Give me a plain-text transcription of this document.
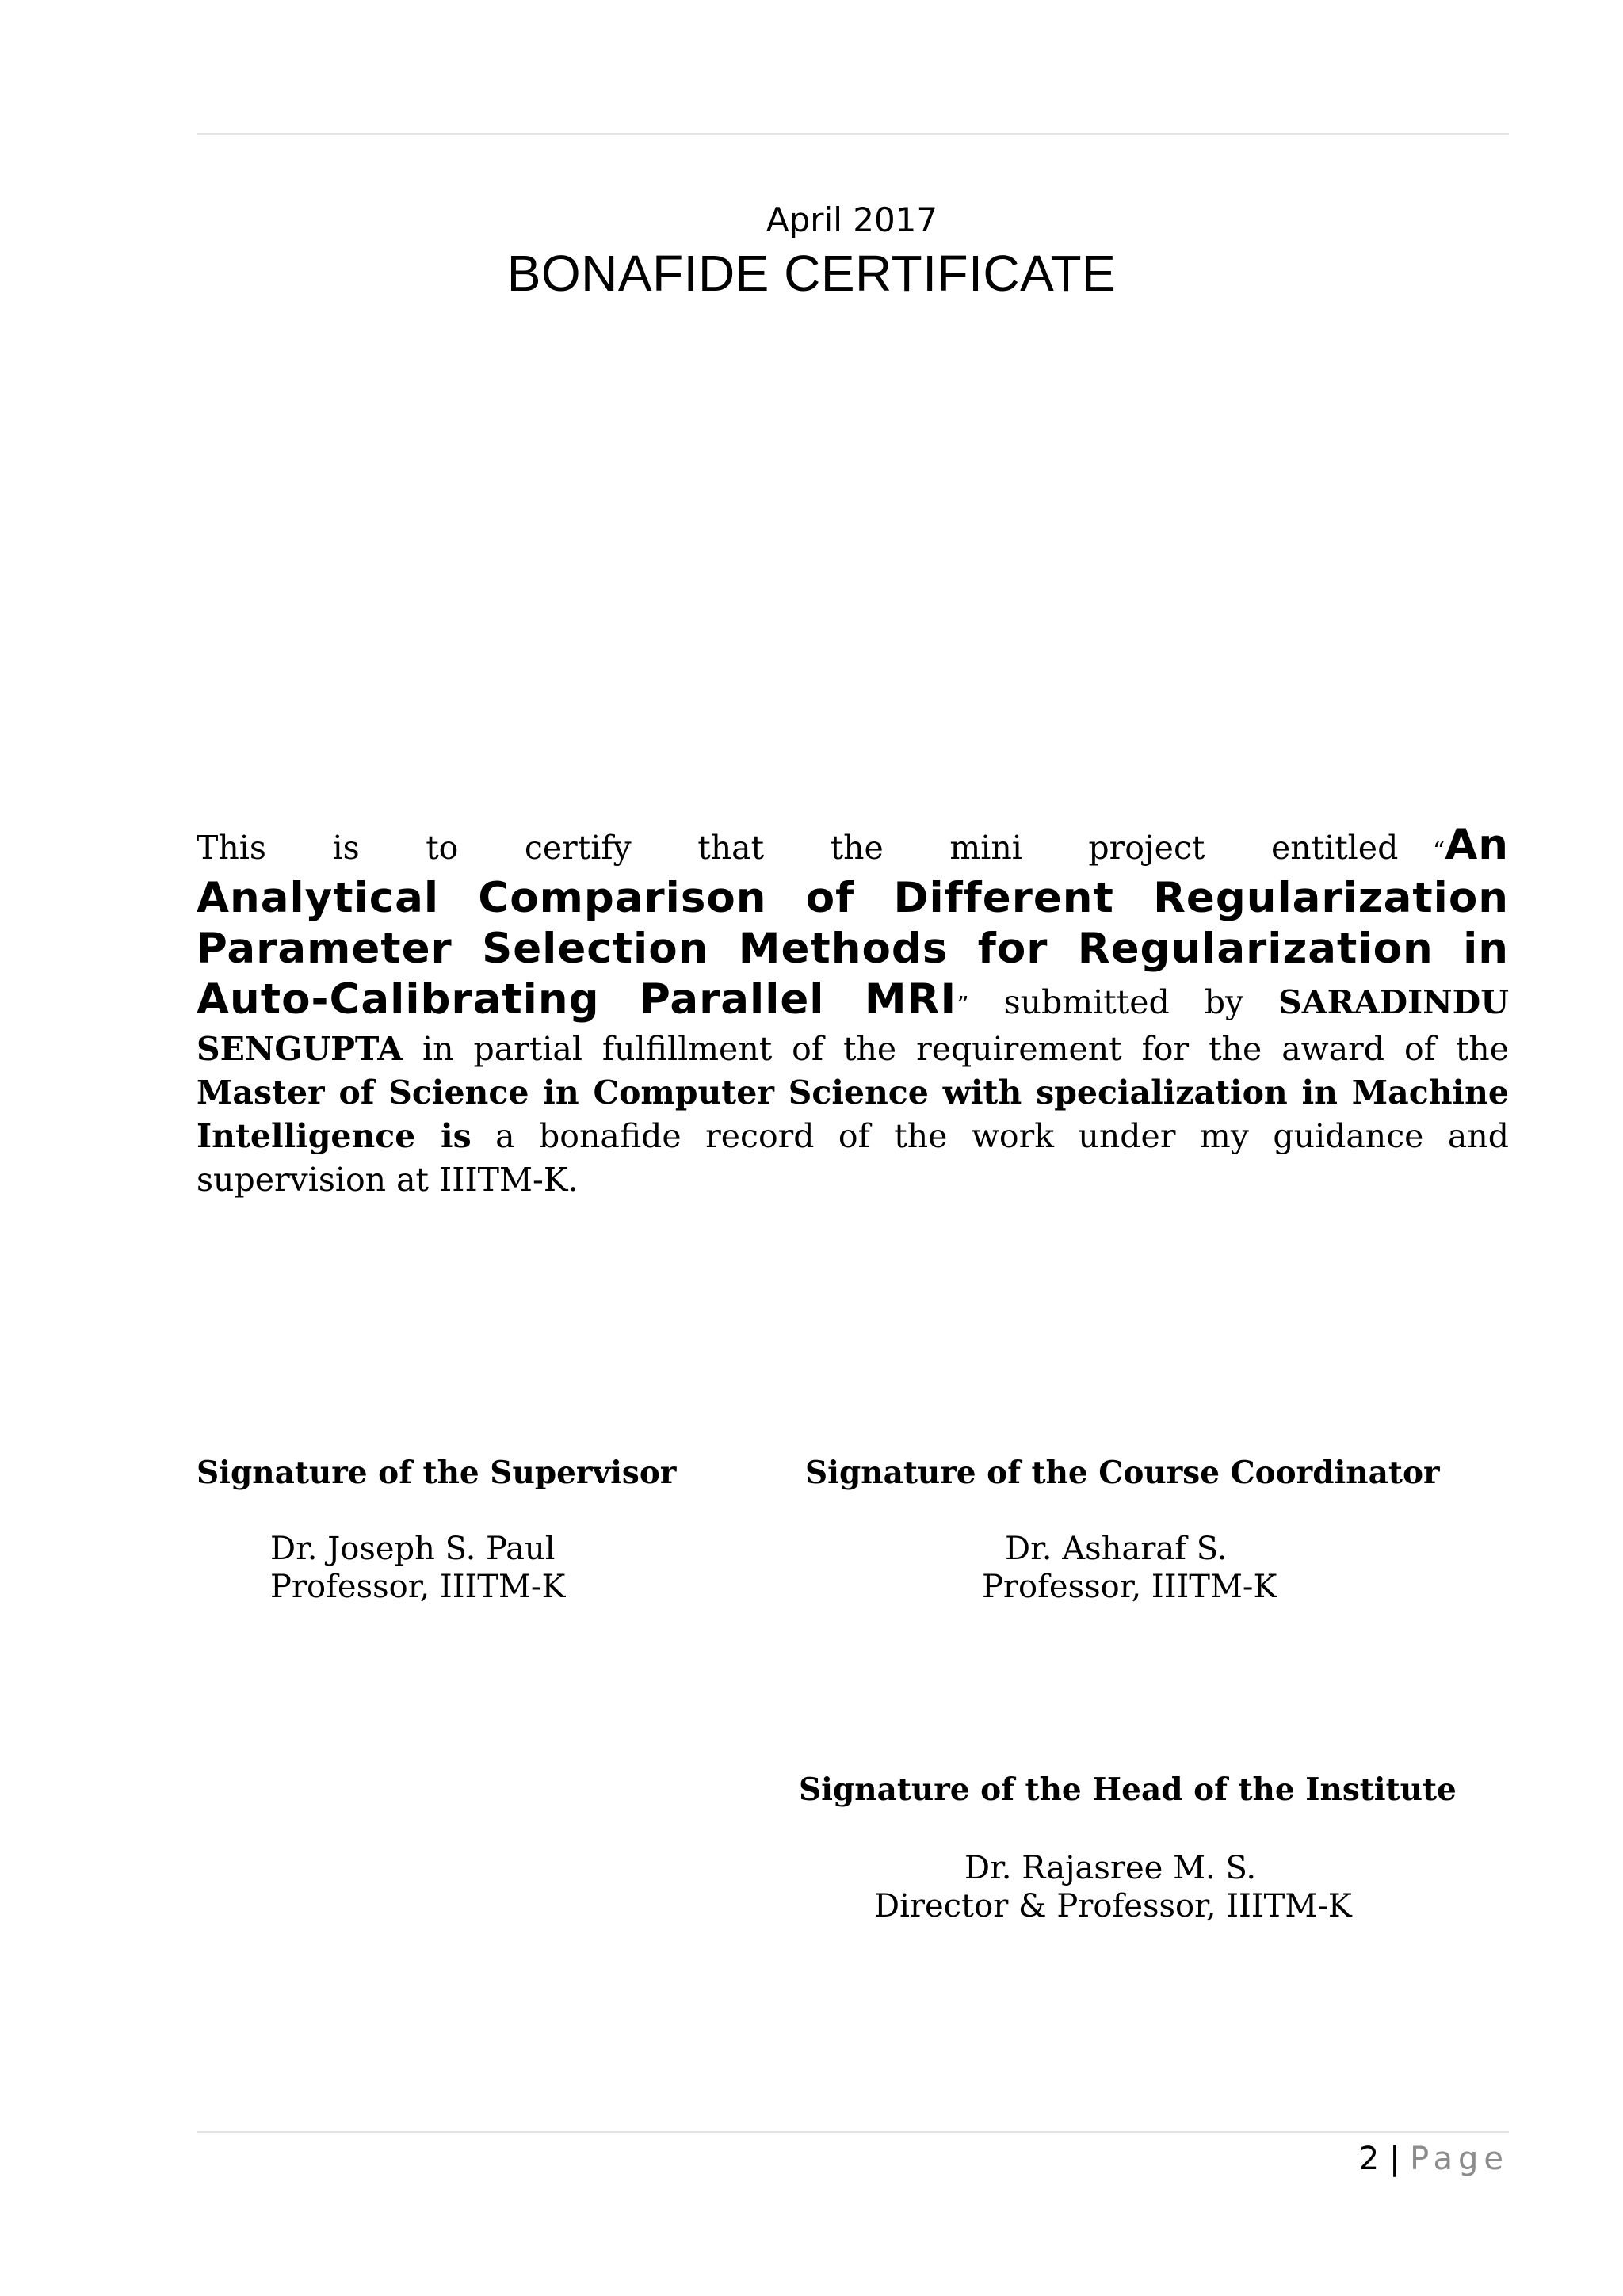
April 2017
BONAFIDE CERTIFICATE
This is to certify that the mini project entitled “An Analytical Comparison of Different Regularization Parameter Selection Methods for Regularization in Auto-Calibrating Parallel MRI” submitted by SARADINDU SENGUPTA in partial fulfillment of the requirement for the award of the Master of Science in Computer Science with specialization in Machine Intelligence is a bonafide record of the work under my guidance and supervision at IIITM-K.
Signature of the Supervisor
Dr. Joseph S. Paul
Professor, IIITM-K
Signature of the Course Coordinator
Dr. Asharaf S.
Professor, IIITM-K
Signature of the Head of the Institute
Dr. Rajasree M. S.
Director & Professor, IIITM-K
2 | Page
